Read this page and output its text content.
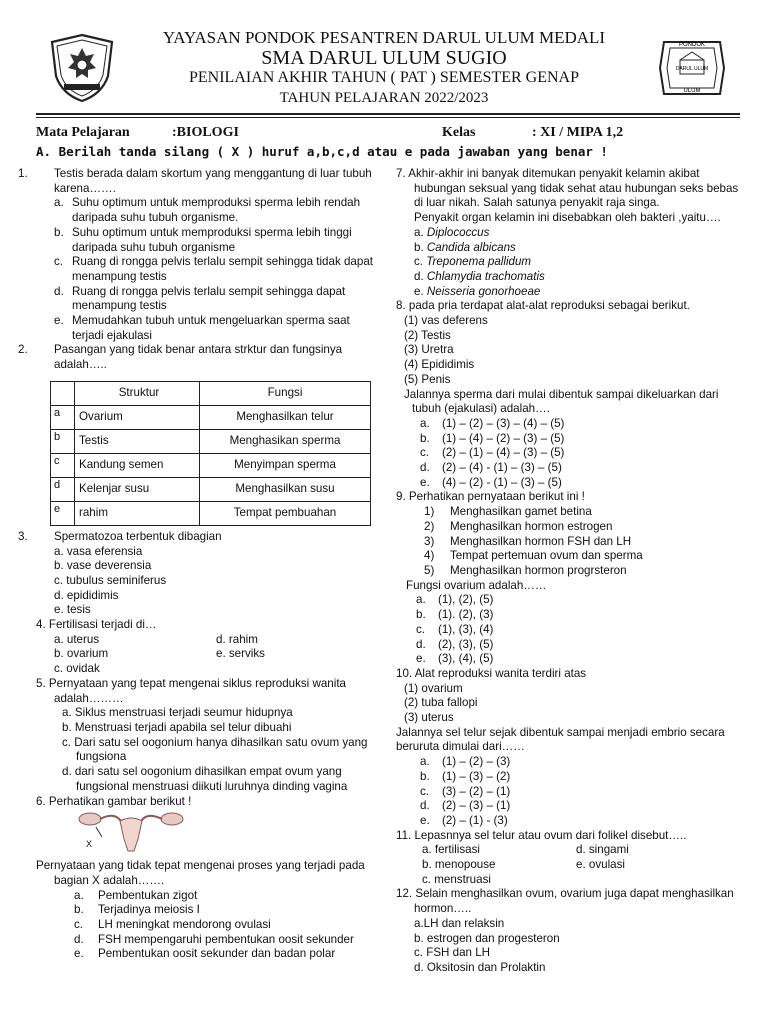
PONDOK
DARUL ULUM
ULUM
YAYASAN PONDOK PESANTREN DARUL ULUM MEDALI
SMA DARUL ULUM SUGIO
PENILAIAN AKHIR TAHUN ( PAT ) SEMESTER GENAP
TAHUN PELAJARAN 2022/2023
Mata Pelajaran	:BIOLOGI	Kelas	: XI / MIPA 1,2
A. Berilah tanda silang ( X ) huruf a,b,c,d atau e pada jawaban yang benar !

1. Testis berada dalam skortum yang menggantung di luar tubuh karena…….

a. Suhu optimum untuk memproduksi sperma lebih rendah daripada suhu tubuh organisme.

b. Suhu optimum untuk memproduksi sperma lebih tinggi daripada suhu tubuh organisme

c. Ruang di rongga pelvis terlalu sempit sehingga tidak dapat menampung testis

d. Ruang di rongga pelvis terlalu sempit sehingga dapat menampung testis

e. Memudahkan tubuh untuk mengeluarkan sperma saat terjadi ejakulasi

2. Pasangan yang tidak benar antara strktur dan fungsinya adalah…..

	Struktur	Fungsi
a	Ovarium	Menghasilkan telur
b	Testis	Menghasikan sperma
c	Kandung semen	Menyimpan sperma
d	Kelenjar susu	Menghasilkan susu
e	rahim	Tempat pembuahan

3. Spermatozoa terbentuk dibagian

a. vasa eferensia

b. vase deverensia

c. tubulus seminiferus

d. epididimis

e. tesis

4. Fertilisasi terjadi di…

a. uterus	d. rahim
b. ovarium	e. serviks

c. ovidak

5. Pernyataan yang tepat mengenai siklus reproduksi wanita adalah………

a. Siklus menstruasi terjadi seumur hidupnya

b. Menstruasi terjadi apabila sel telur dibuahi

c. Dari satu sel oogonium hanya dihasilkan satu ovum yang fungsiona

d. dari satu sel oogonium dihasilkan empat ovum yang fungsional menstruasi diikuti luruhnya dinding vagina

6. Perhatikan gambar berikut !

X

Pernyataan yang tidak tepat mengenai proses yang terjadi pada bagian X adalah…….

a. Pembentukan zigot

b. Terjadinya meiosis I

c. LH meningkat mendorong ovulasi

d. FSH mempengaruhi pembentukan oosit sekunder

e. Pembentukan oosit sekunder dan badan polar

7. Akhir-akhir ini banyak ditemukan penyakit kelamin akibat hubungan seksual yang tidak sehat atau hubungan seks bebas di luar nikah. Salah satunya penyakit raja singa.

Penyakit organ kelamin ini disebabkan oleh bakteri ,yaitu….

a. Diplococcus

b. Candida albicans

c. Treponema pallidum

d. Chlamydia trachomatis

e. Neisseria gonorhoeae

8. pada pria terdapat alat-alat reproduksi sebagai berikut.

(1) vas deferens

(2) Testis

(3) Uretra

(4) Epididimis

(5) Penis

Jalannya sperma dari mulai dibentuk sampai dikeluarkan dari tubuh (ejakulasi) adalah….

a. (1) – (2) – (3) – (4) – (5)

b. (1) – (4) – (2) – (3) – (5)

c. (2) – (1) – (4) – (3) – (5)

d. (2) – (4) - (1) – (3) – (5)

e. (4) – (2) - (1) – (3) – (5)

9. Perhatikan pernyataan berikut ini !

1) Menghasilkan gamet betina

2) Menghasilkan hormon estrogen

3) Menghasilkan hormon FSH dan LH

4) Tempat pertemuan ovum dan sperma

5) Menghasilkan hormon progrsteron

Fungsi ovarium adalah……

a. (1), (2), (5)

b. (1). (2), (3)

c. (1), (3), (4)

d. (2), (3), (5)

e. (3), (4), (5)

10. Alat reproduksi wanita terdiri atas

(1) ovarium

(2) tuba fallopi

(3) uterus

Jalannya sel telur sejak dibentuk sampai menjadi embrio secara beruruta dimulai dari……

a. (1) – (2) – (3)

b. (1) – (3) – (2)

c. (3) – (2) – (1)

d. (2) – (3) – (1)

e. (2) – (1) - (3)

11. Lepasnnya sel telur atau ovum dari folikel disebut…..

a. fertilisasi	d. singami
b. menopouse	e. ovulasi

c. menstruasi

12. Selain menghasilkan ovum, ovarium juga dapat menghasilkan hormon…..

a.LH dan relaksin

b. estrogen dan progesteron

c. FSH dan LH

d. Oksitosin dan Prolaktin
